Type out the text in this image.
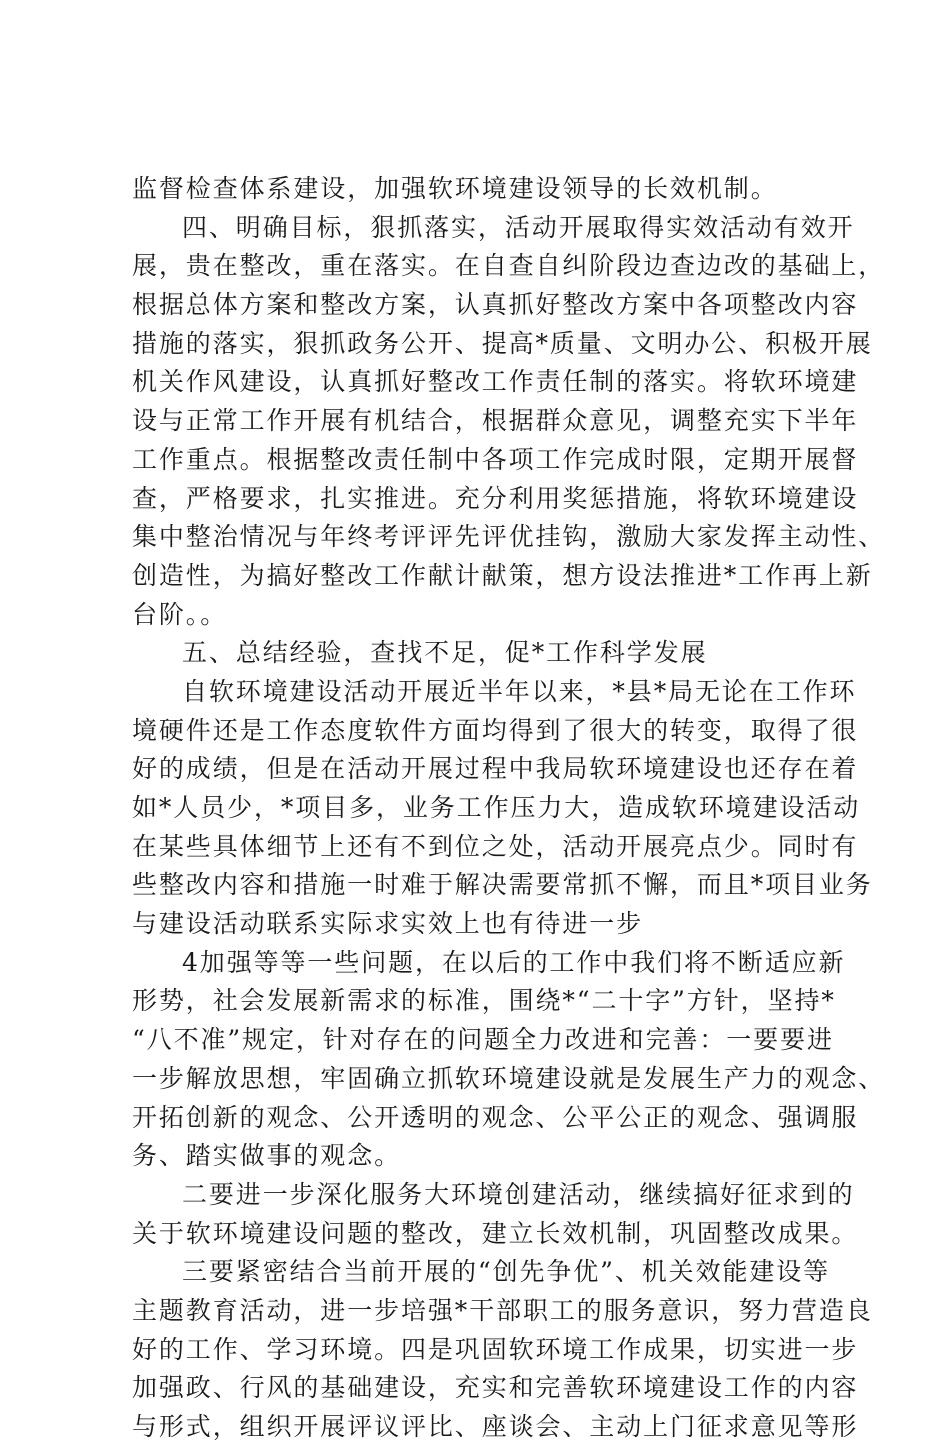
监督检查体系建设，加强软环境建设领导的长效机制。
四、明确目标，狠抓落实，活动开展取得实效活动有效开
展，贵在整改，重在落实。在自查自纠阶段边查边改的基础上，
根据总体方案和整改方案，认真抓好整改方案中各项整改内容
措施的落实，狠抓政务公开、提高*质量、文明办公、积极开展
机关作风建设，认真抓好整改工作责任制的落实。将软环境建
设与正常工作开展有机结合，根据群众意见，调整充实下半年
工作重点。根据整改责任制中各项工作完成时限，定期开展督
查，严格要求，扎实推进。充分利用奖惩措施，将软环境建设
集中整治情况与年终考评评先评优挂钩，激励大家发挥主动性、
创造性，为搞好整改工作献计献策，想方设法推进*工作再上新
台阶。。
五、总结经验，查找不足，促*工作科学发展
自软环境建设活动开展近半年以来，*县*局无论在工作环
境硬件还是工作态度软件方面均得到了很大的转变，取得了很
好的成绩，但是在活动开展过程中我局软环境建设也还存在着
如*人员少，*项目多，业务工作压力大，造成软环境建设活动
在某些具体细节上还有不到位之处，活动开展亮点少。同时有
些整改内容和措施一时难于解决需要常抓不懈，而且*项目业务
与建设活动联系实际求实效上也有待进一步
4加强等等一些问题，在以后的工作中我们将不断适应新
形势，社会发展新需求的标准，围绕*“二十字”方针，坚持*
“八不准”规定，针对存在的问题全力改进和完善：一要要进
一步解放思想，牢固确立抓软环境建设就是发展生产力的观念、
开拓创新的观念、公开透明的观念、公平公正的观念、强调服
务、踏实做事的观念。
二要进一步深化服务大环境创建活动，继续搞好征求到的
关于软环境建设问题的整改，建立长效机制，巩固整改成果。
三要紧密结合当前开展的“创先争优”、机关效能建设等
主题教育活动，进一步培强*干部职工的服务意识，努力营造良
好的工作、学习环境。四是巩固软环境工作成果，切实进一步
加强政、行风的基础建设，充实和完善软环境建设工作的内容
与形式，组织开展评议评比、座谈会、主动上门征求意见等形
